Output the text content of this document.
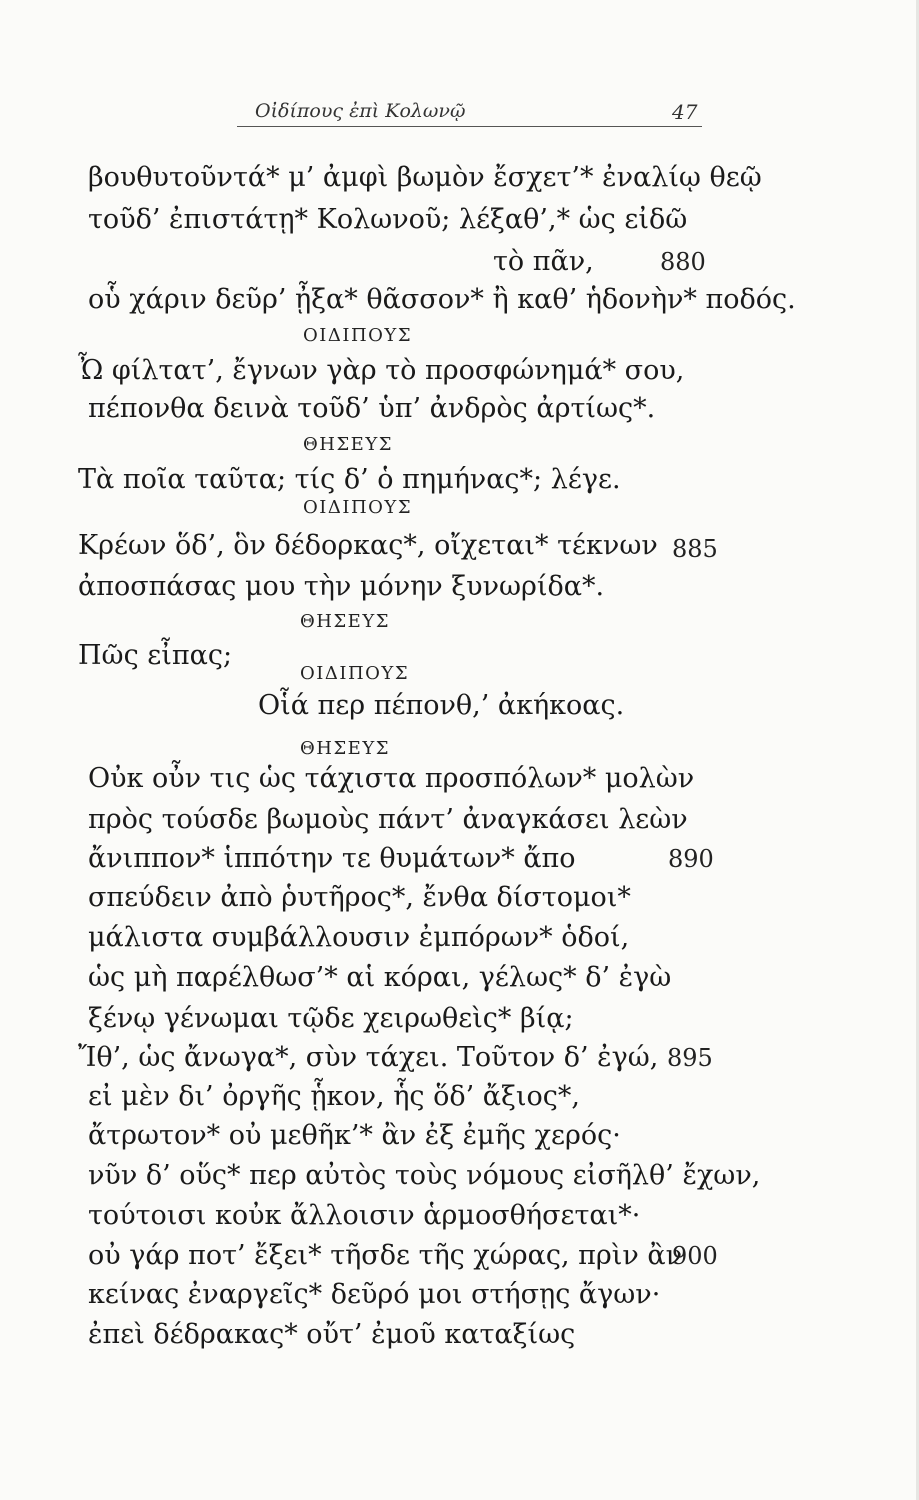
Οἰδίπους ἐπὶ Κολωνῷ	47
βουθυτοῦντά* μ’ ἀμφὶ βωμὸν ἔσχετ’* ἐναλίῳ θεῷ
τοῦδ’ ἐπιστάτῃ* Κολωνοῦ; λέξαθ’,* ὡς εἰδῶ
τὸ πᾶν,	880
οὗ χάριν δεῦρ’ ᾖξα* θᾶσσον* ἢ καθ’ ἡδονὴν* ποδός.
ΟΙΔΙΠΟΥΣ
Ὦ φίλτατ’, ἔγνων γὰρ τὸ προσφώνημά* σου,
πέπονθα δεινὰ τοῦδ’ ὑπ’ ἀνδρὸς ἀρτίως*.
ΘΗΣΕΥΣ
Τὰ ποῖα ταῦτα; τίς δ’ ὁ πημήνας*; λέγε.
ΟΙΔΙΠΟΥΣ
Κρέων ὅδ’, ὃν δέδορκας*, οἴχεται* τέκνων 885
ἀποσπάσας μου τὴν μόνην ξυνωρίδα*.
ΘΗΣΕΥΣ
Πῶς εἶπας;
ΟΙΔΙΠΟΥΣ
Οἷά περ πέπονθ,’ ἀκήκοας.
ΘΗΣΕΥΣ
Οὐκ οὖν τις ὡς τάχιστα προσπόλων* μολὼν
πρὸς τούσδε βωμοὺς πάντ’ ἀναγκάσει λεὼν
ἄνιππον* ἱππότην τε θυμάτων* ἄπο	890
σπεύδειν ἀπὸ ῥυτῆρος*, ἔνθα δίστομοι*
μάλιστα συμβάλλουσιν ἐμπόρων* ὁδοί,
ὡς μὴ παρέλθωσ’* αἱ κόραι, γέλως* δ’ ἐγὼ
ξένῳ γένωμαι τῷδε χειρωθεὶς* βίᾳ;
Ἴθ’, ὡς ἄνωγα*, σὺν τάχει. Τοῦτον δ’ ἐγώ, 895
εἰ μὲν δι’ ὀργῆς ᾗκον, ἧς ὅδ’ ἄξιος*,
ἄτρωτον* οὐ μεθῆκ’* ἂν ἐξ ἐμῆς χερός·
νῦν δ’ οὕς* περ αὐτὸς τοὺς νόμους εἰσῆλθ’ ἔχων,
τούτοισι κοὐκ ἄλλοισιν ἁρμοσθήσεται*·
οὐ γάρ ποτ’ ἔξει* τῆσδε τῆς χώρας, πρὶν ἂν
900
κείνας ἐναργεῖς* δεῦρό μοι στήσῃς ἄγων·
ἐπεὶ δέδρακας* οὔτ’ ἐμοῦ καταξίως
